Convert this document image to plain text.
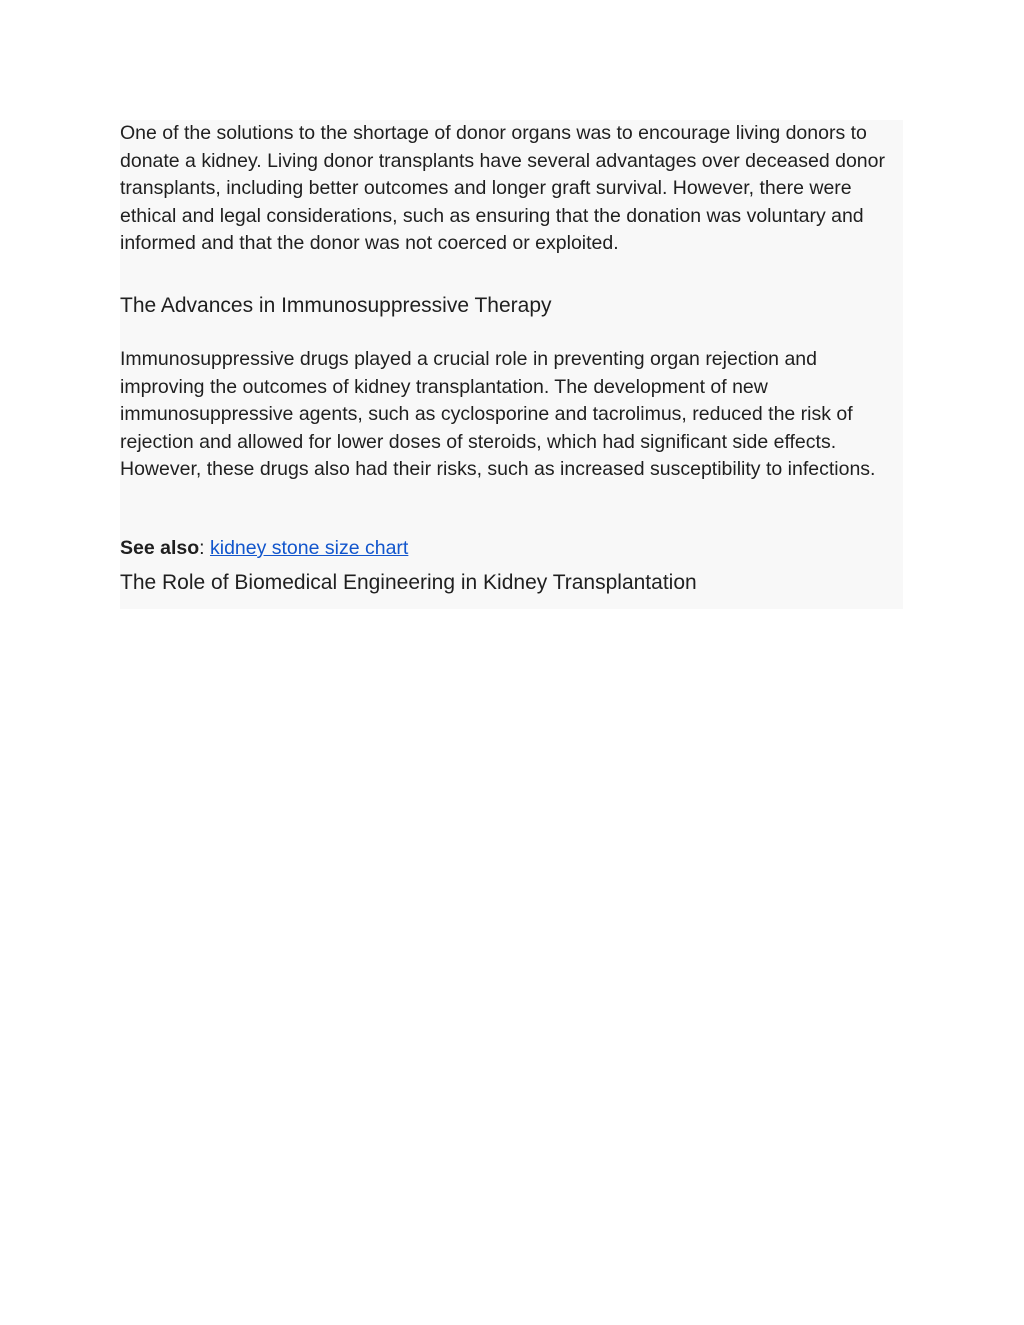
One of the solutions to the shortage of donor organs was to encourage living donors to donate a kidney. Living donor transplants have several advantages over deceased donor transplants, including better outcomes and longer graft survival. However, there were ethical and legal considerations, such as ensuring that the donation was voluntary and informed and that the donor was not coerced or exploited.

The Advances in Immunosuppressive Therapy

Immunosuppressive drugs played a crucial role in preventing organ rejection and improving the outcomes of kidney transplantation. The development of new immunosuppressive agents, such as cyclosporine and tacrolimus, reduced the risk of rejection and allowed for lower doses of steroids, which had significant side effects. However, these drugs also had their risks, such as increased susceptibility to infections.

See also: kidney stone size chart
The Role of Biomedical Engineering in Kidney Transplantation
